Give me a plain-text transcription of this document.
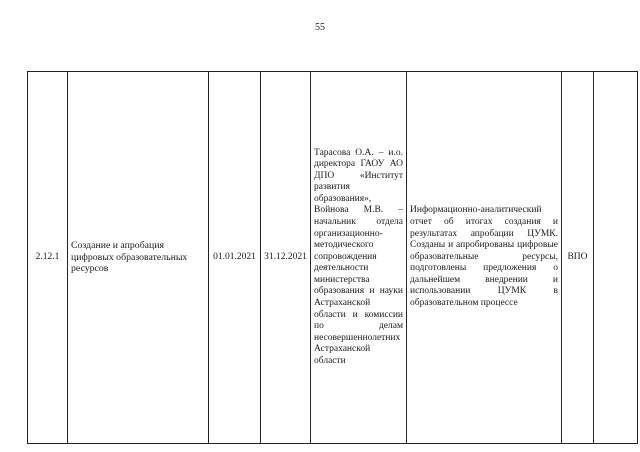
55
2.12.1	Создание и апробация цифровых образовательных ресурсов	01.01.2021	31.12.2021	Тарасова О.А. – и.о. директора ГАОУ АО ДПО «Институт развития образования», Войнова М.В. – начальник отдела организационно-методического сопровождения деятельности министерства образования и науки Астраханской области и комиссии по делам несовершеннолетних Астраханской области	Информационно-аналитический отчет об итогах создания и результатах апробации ЦУМК. Созданы и апробированы цифровые образовательные ресурсы, подготовлены предложения о дальнейшем внедрении и использовании ЦУМК в образовательном процессе	ВПО	
